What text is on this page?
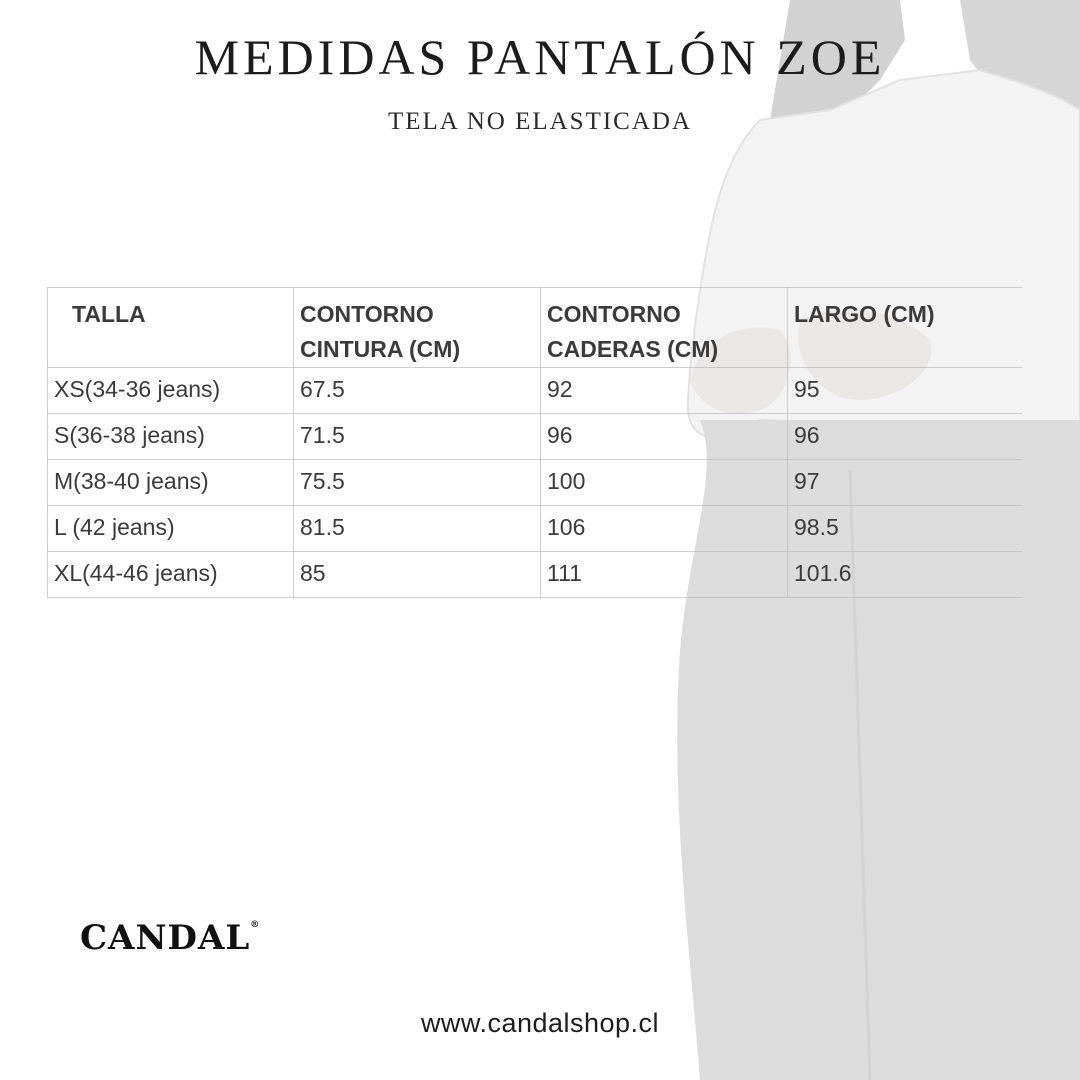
MEDIDAS PANTALÓN ZOE
TELA NO ELASTICADA
TALLA	CONTORNO CINTURA (CM)	CONTORNO CADERAS (CM)	LARGO (CM)
XS(34-36 jeans)	67.5	92	95
S(36-38 jeans)	71.5	96	96
M(38-40 jeans)	75.5	100	97
L (42 jeans)	81.5	106	98.5
XL(44-46 jeans)	85	111	101.6
CANDAL®
www.candalshop.cl
